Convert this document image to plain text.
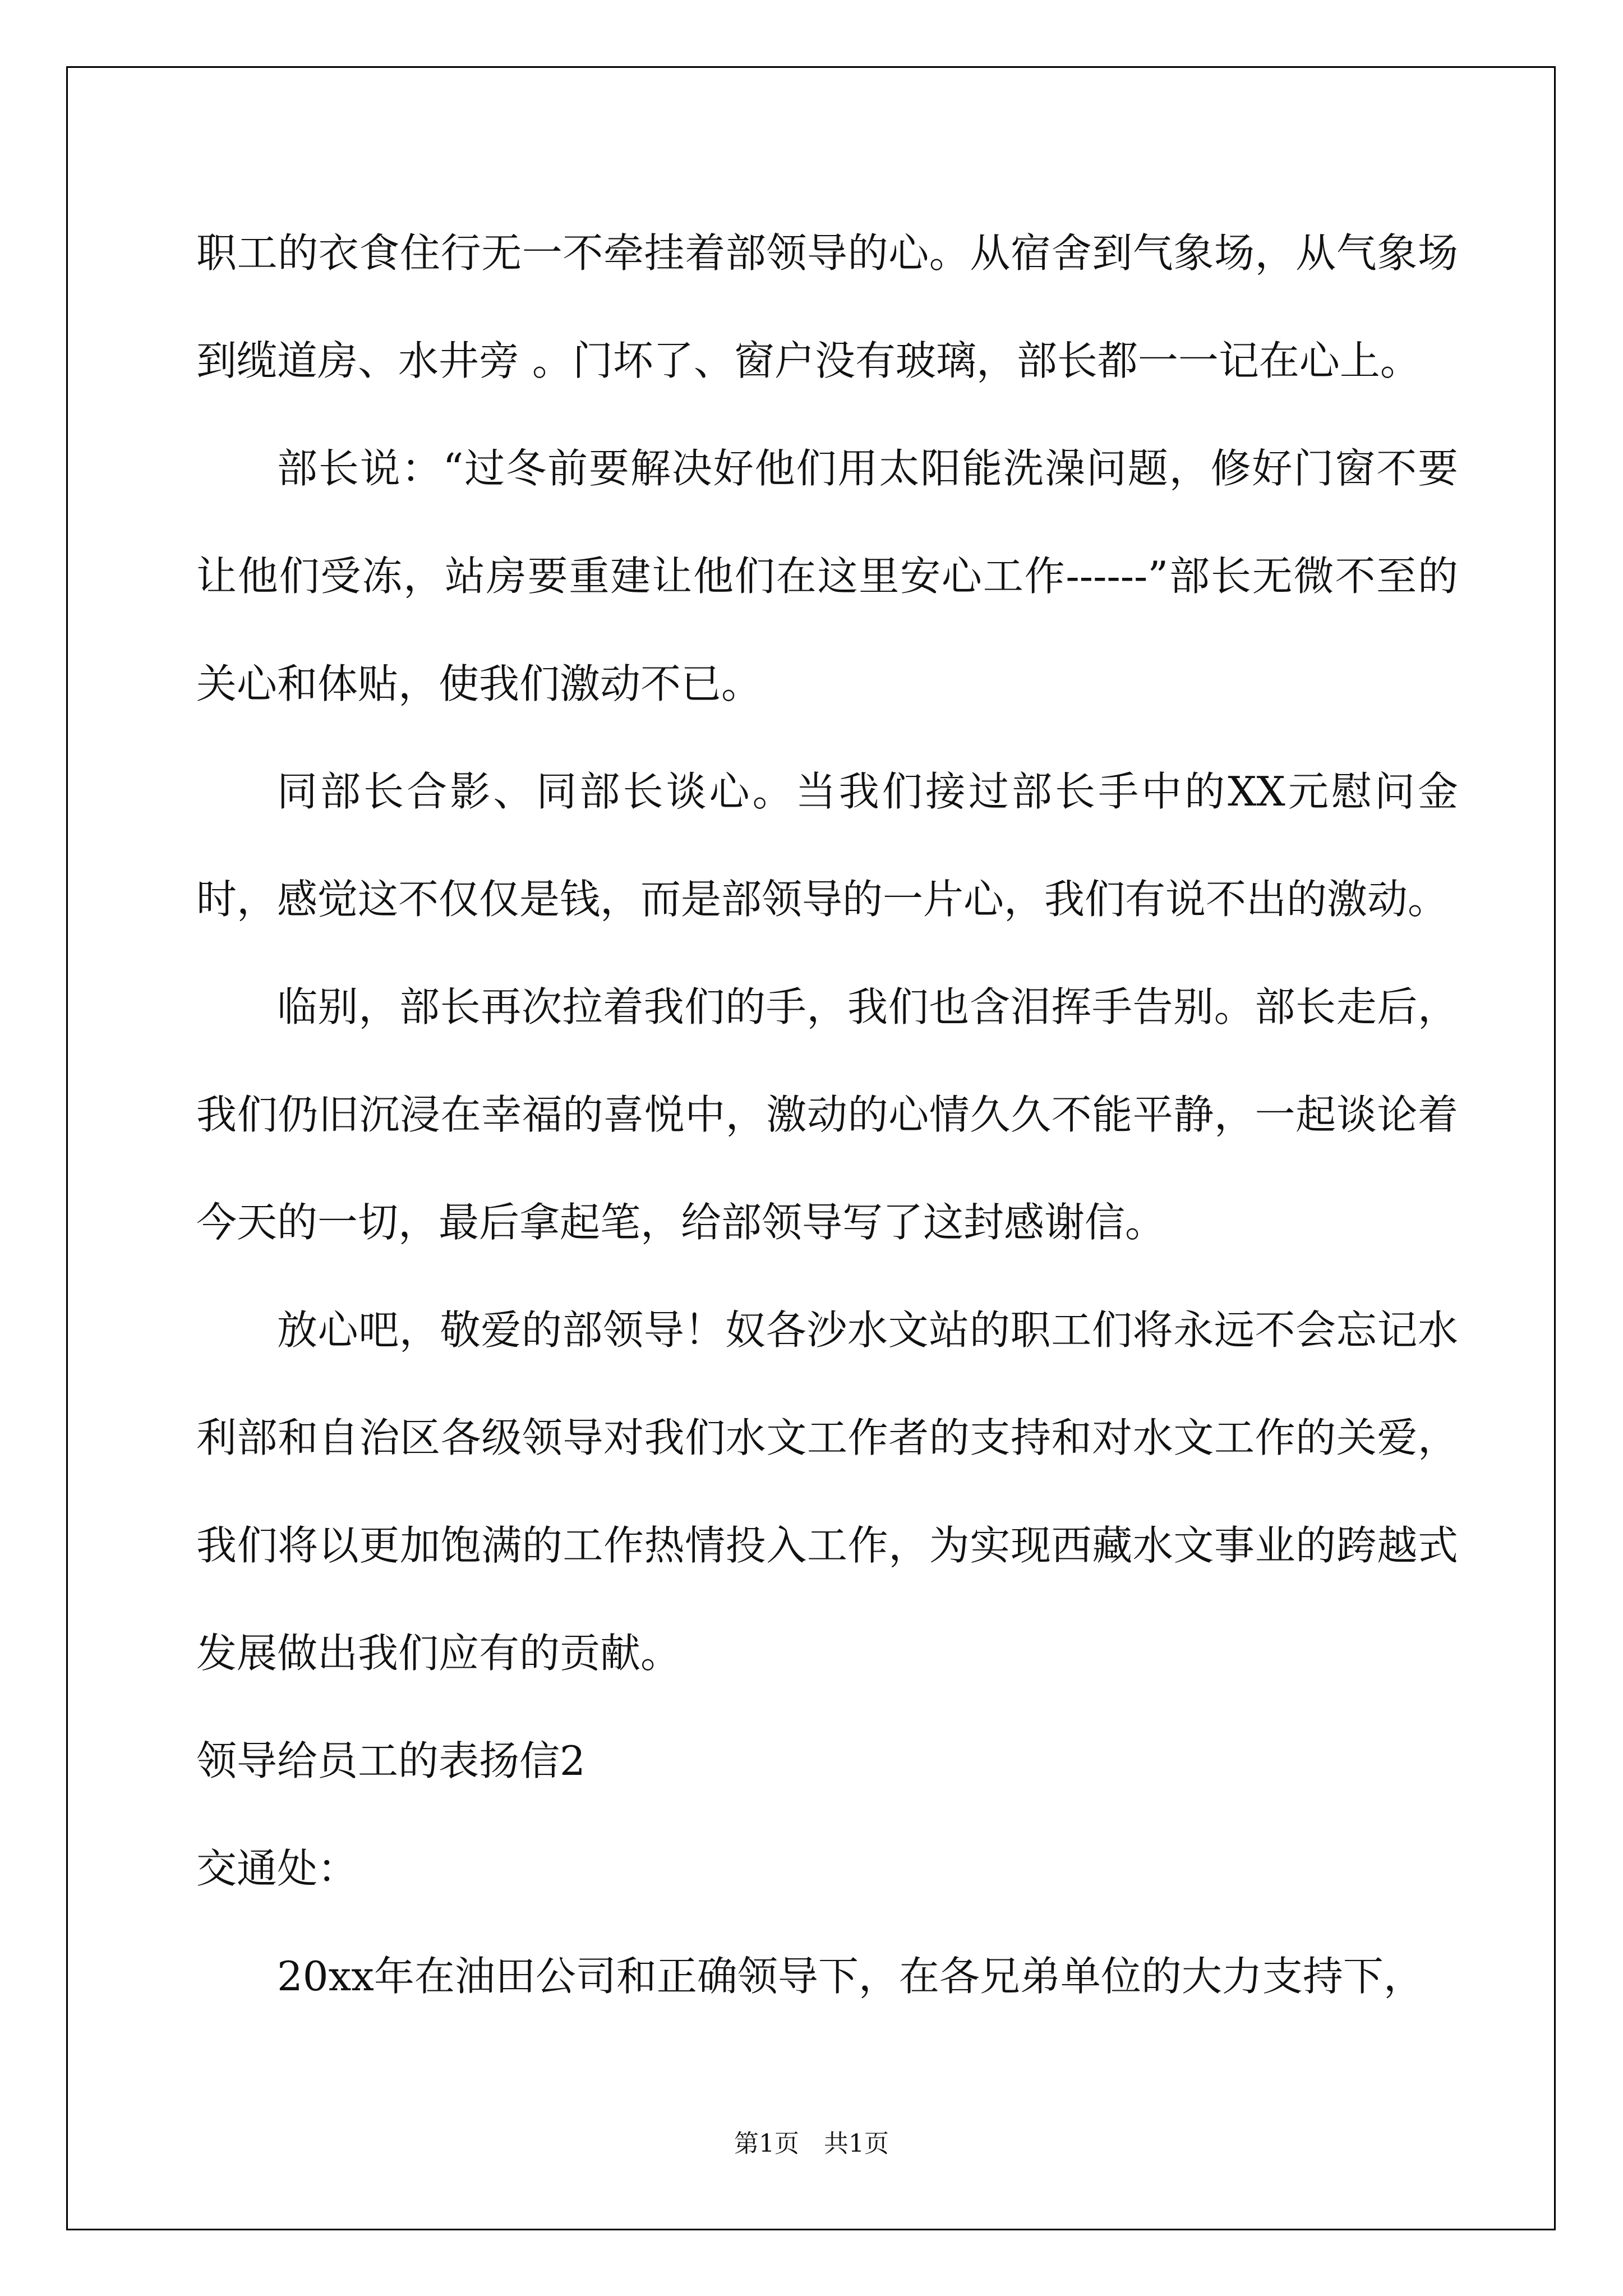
职工的衣食住行无一不牵挂着部领导的心。从宿舍到气象场，从气象场到缆道房、水井旁 。门坏了、窗户没有玻璃，部长都一一记在心上。

部长说：“过冬前要解决好他们用太阳能洗澡问题，修好门窗不要让他们受冻，站房要重建让他们在这里安心工作------”部长无微不至的关心和体贴，使我们激动不已。

同部长合影、同部长谈心。当我们接过部长手中的XX元慰问金时，感觉这不仅仅是钱，而是部领导的一片心，我们有说不出的激动。

临别，部长再次拉着我们的手，我们也含泪挥手告别。部长走后，我们仍旧沉浸在幸福的喜悦中，激动的心情久久不能平静，一起谈论着今天的一切，最后拿起笔，给部领导写了这封感谢信。

放心吧，敬爱的部领导！奴各沙水文站的职工们将永远不会忘记水利部和自治区各级领导对我们水文工作者的支持和对水文工作的关爱，我们将以更加饱满的工作热情投入工作，为实现西藏水文事业的跨越式发展做出我们应有的贡献。

领导给员工的表扬信2

交通处：

20xx年在油田公司和正确领导下，在各兄弟单位的大力支持下，

第1页　共1页
